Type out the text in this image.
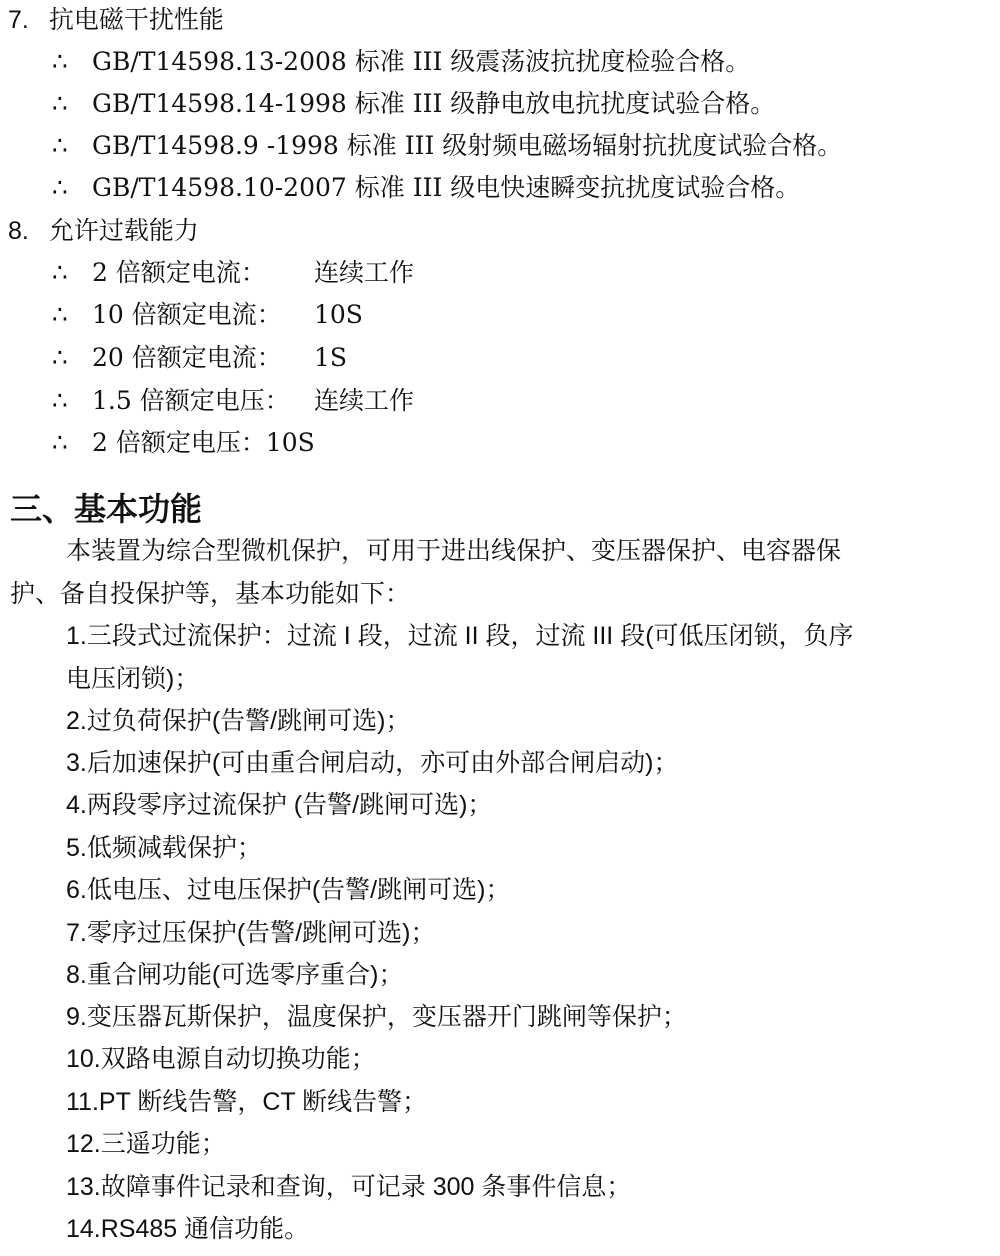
7. 抗电磁干扰性能
∴ GB/T14598.13-2008 标准 III 级震荡波抗扰度检验合格。
∴ GB/T14598.14-1998 标准 III 级静电放电抗扰度试验合格。
∴ GB/T14598.9 -1998 标准 III 级射频电磁场辐射抗扰度试验合格。
∴ GB/T14598.10-2007 标准 III 级电快速瞬变抗扰度试验合格。
8. 允许过载能力
∴ 2 倍额定电流： 连续工作
∴ 10 倍额定电流： 10S
∴ 20 倍额定电流： 1S
∴ 1.5 倍额定电压： 连续工作
∴ 2 倍额定电压：10S
三、基本功能
本装置为综合型微机保护，可用于进出线保护、变压器保护、电容器保
护、备自投保护等，基本功能如下：
1.三段式过流保护：过流 I 段，过流 II 段，过流 III 段(可低压闭锁，负序
电压闭锁)；
2.过负荷保护(告警/跳闸可选)；
3.后加速保护(可由重合闸启动，亦可由外部合闸启动)；
4.两段零序过流保护 (告警/跳闸可选)；
5.低频减载保护；
6.低电压、过电压保护(告警/跳闸可选)；
7.零序过压保护(告警/跳闸可选)；
8.重合闸功能(可选零序重合)；
9.变压器瓦斯保护，温度保护，变压器开门跳闸等保护；
10.双路电源自动切换功能；
11.PT 断线告警，CT 断线告警；
12.三遥功能；
13.故障事件记录和查询，可记录 300 条事件信息；
14.RS485 通信功能。
